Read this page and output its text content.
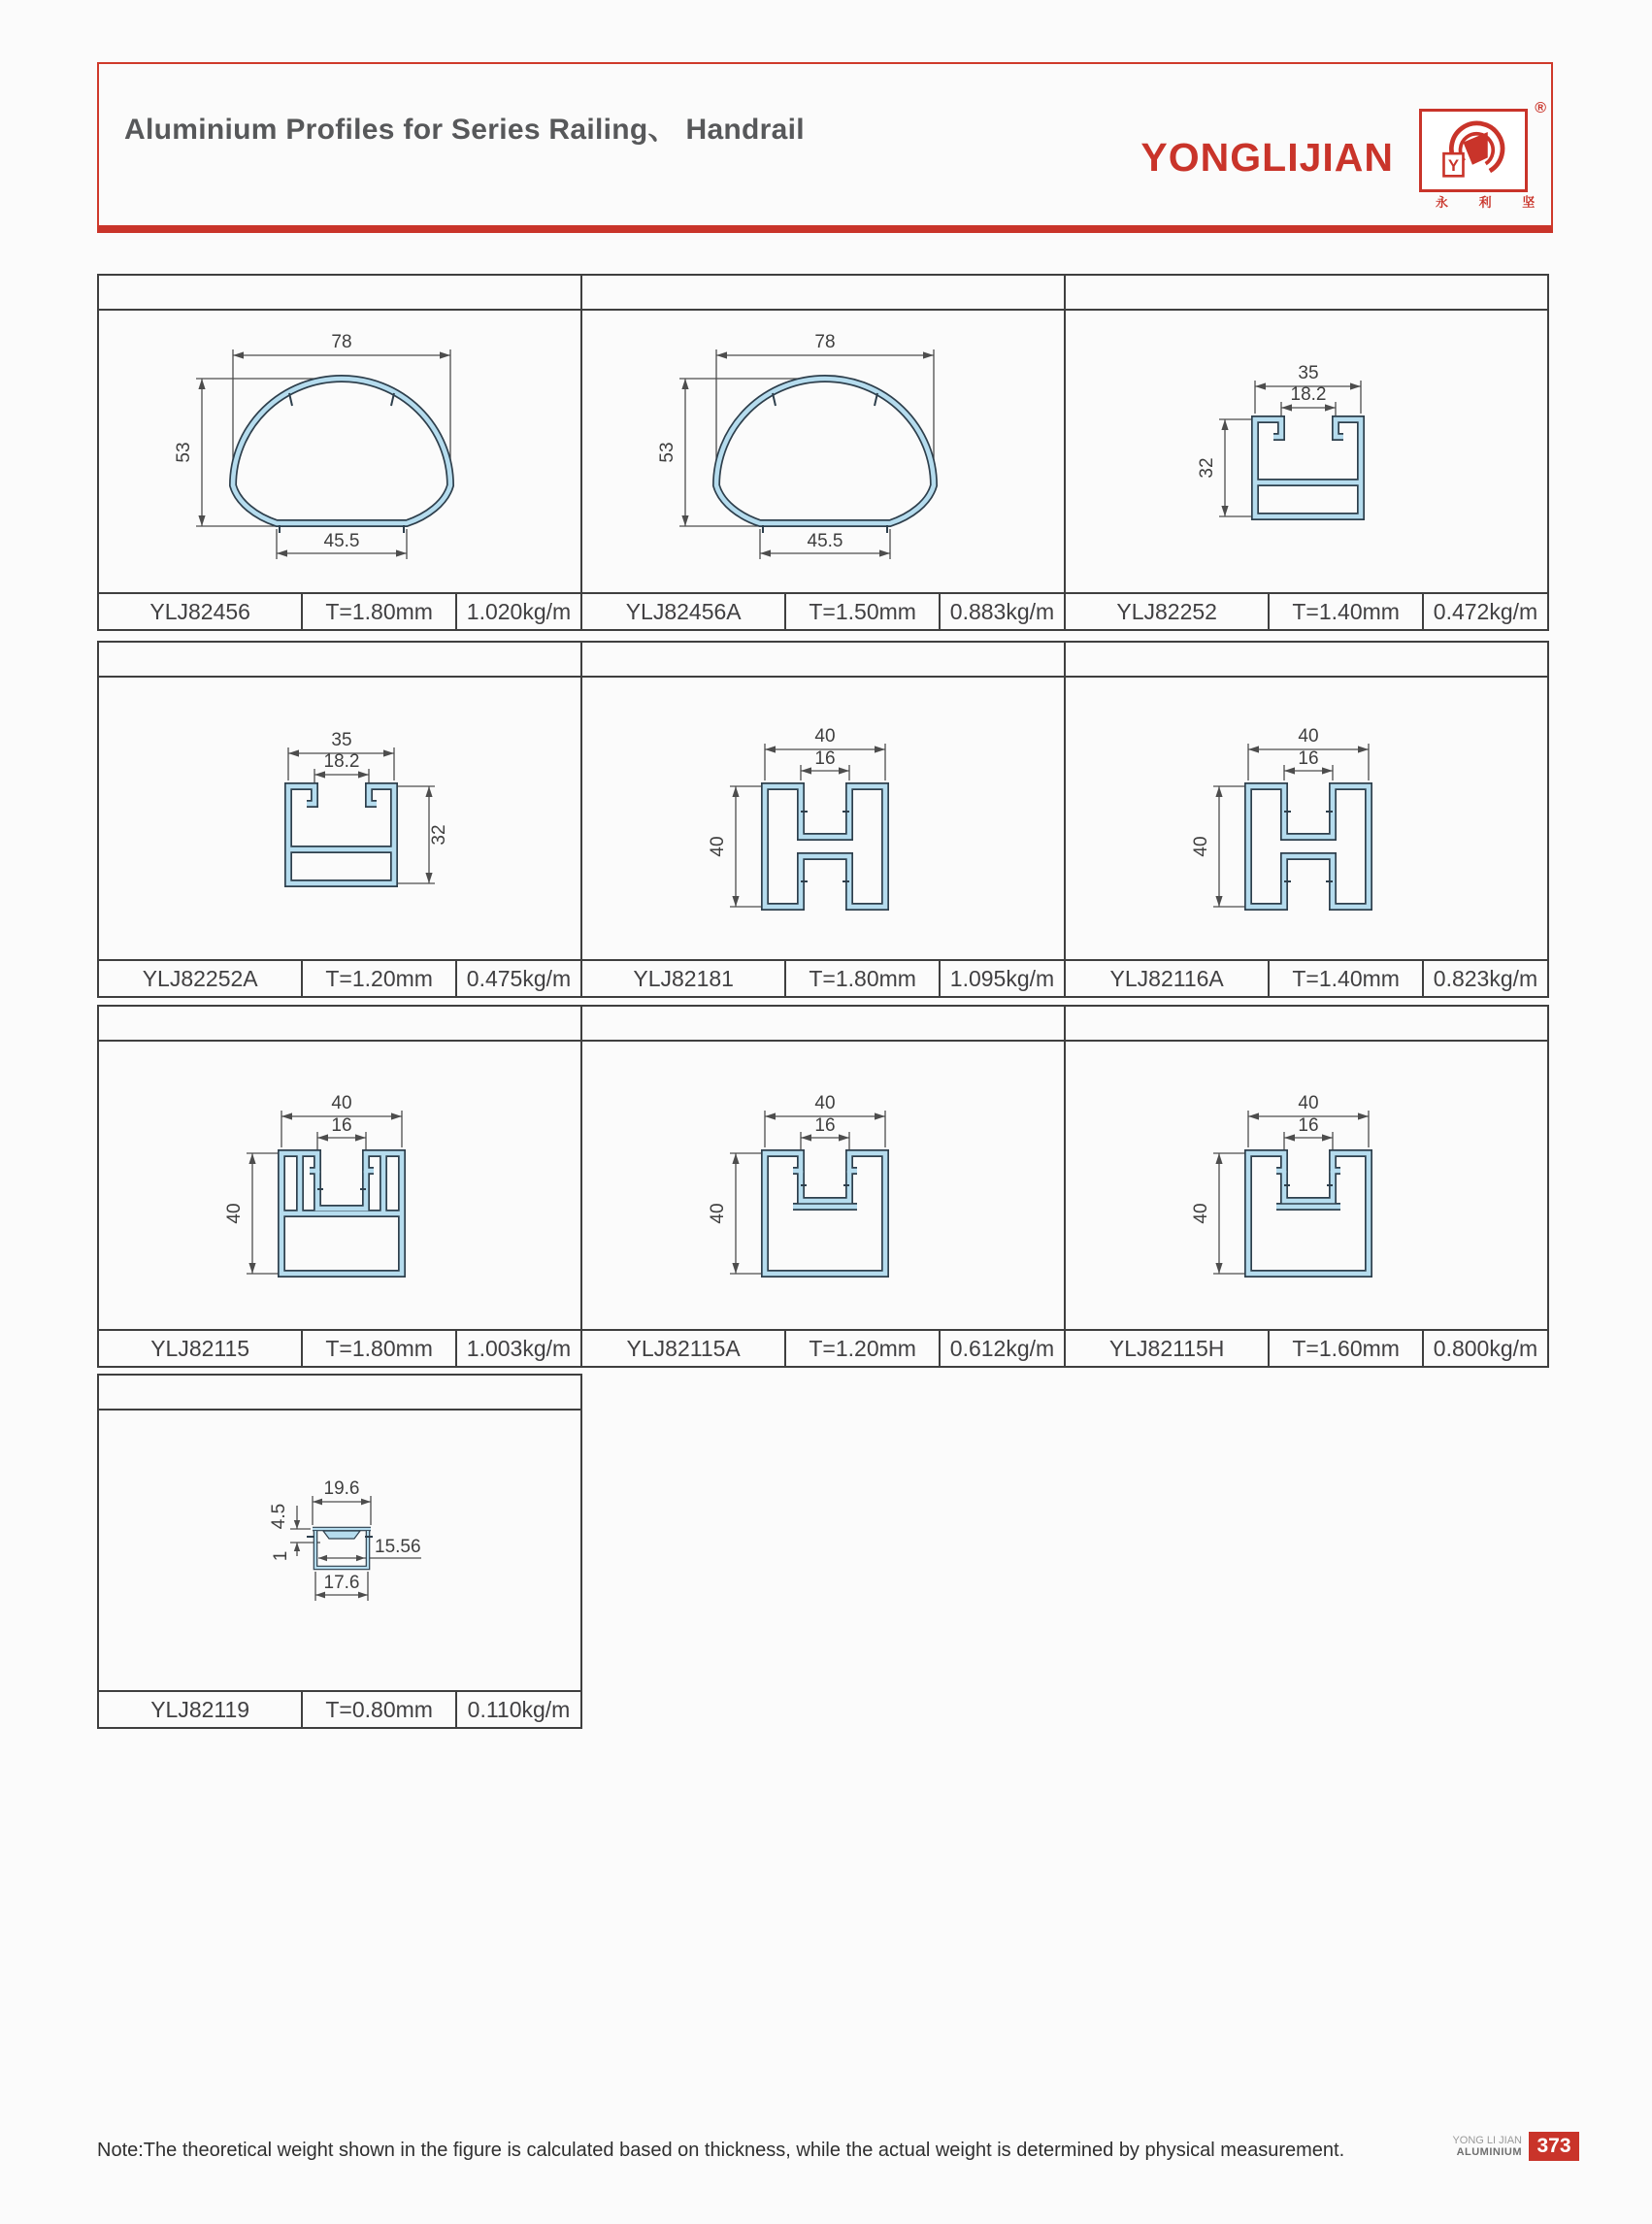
Aluminium Profiles for Series Railing、 Handrail
YONGLIJIAN	Y
®
永 利 坚
78
53
45.5
YLJ82456	T=1.80mm	1.020kg/m
78
53
45.5
YLJ82456A	T=1.50mm	0.883kg/m
35
18.2
32
YLJ82252	T=1.40mm	0.472kg/m
35
18.2
32
YLJ82252A	T=1.20mm	0.475kg/m
40
16
40
YLJ82181	T=1.80mm	1.095kg/m
40
16
40
YLJ82116A	T=1.40mm	0.823kg/m
40
16
40
YLJ82115	T=1.80mm	1.003kg/m
40
16
40
YLJ82115A	T=1.20mm	0.612kg/m
40
16
40
YLJ82115H	T=1.60mm	0.800kg/m
19.6
4.5
1	15.56
17.6
YLJ82119	T=0.80mm	0.110kg/m
Note:The theoretical weight shown in the figure is calculated based on thickness, while the actual weight is determined by physical measurement.	YONG LI JIAN
ALUMINIUM 373
